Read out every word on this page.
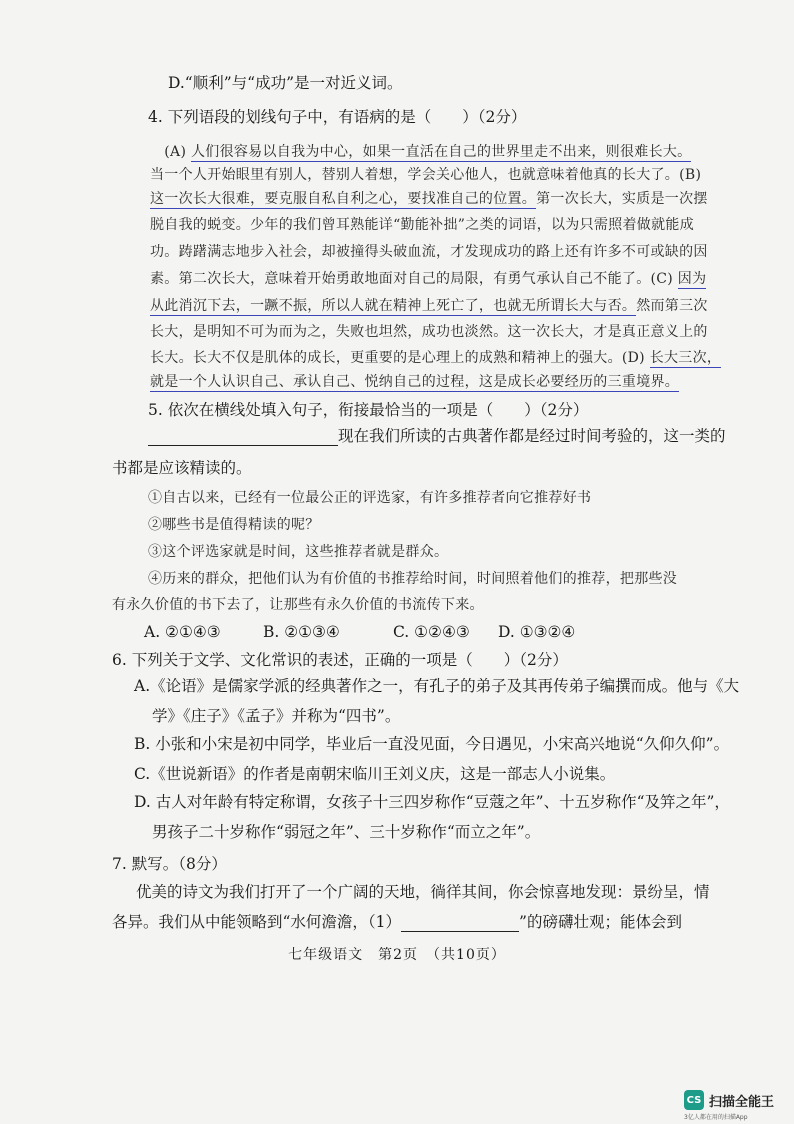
D.“顺利”与“成功”是一对近义词。
4. 下列语段的划线句子中，有语病的是（　　）（2分）
　(A) 人们很容易以自我为中心，如果一直活在自己的世界里走不出来，则很难长大。
当一个人开始眼里有别人，替别人着想，学会关心他人，也就意味着他真的长大了。(B)
这一次长大很难，要克服自私自利之心，要找准自己的位置。第一次长大，实质是一次摆
脱自我的蜕变。少年的我们曾耳熟能详“勤能补拙”之类的词语，以为只需照着做就能成
功。踌躇满志地步入社会，却被撞得头破血流，才发现成功的路上还有许多不可或缺的因
素。第二次长大，意味着开始勇敢地面对自己的局限，有勇气承认自己不能了。(C) 因为
从此消沉下去，一蹶不振，所以人就在精神上死亡了，也就无所谓长大与否。然而第三次
长大，是明知不可为而为之，失败也坦然，成功也淡然。这一次长大，才是真正意义上的
长大。长大不仅是肌体的成长，更重要的是心理上的成熟和精神上的强大。(D) 长大三次，
就是一个人认识自己、承认自己、悦纳自己的过程，这是成长必要经历的三重境界。
5. 依次在横线处填入句子，衔接最恰当的一项是（　　）（2分）
现在我们所读的古典著作都是经过时间考验的，这一类的
书都是应该精读的。
①自古以来，已经有一位最公正的评选家，有许多推荐者向它推荐好书
②哪些书是值得精读的呢？
③这个评选家就是时间，这些推荐者就是群众。
④历来的群众，把他们认为有价值的书推荐给时间，时间照着他们的推荐，把那些没
有永久价值的书下去了，让那些有永久价值的书流传下来。
A. ②①④③	B. ②①③④	C. ①②④③ D. ①③②④
6. 下列关于文学、文化常识的表述，正确的一项是（　　）（2分）
A.《论语》是儒家学派的经典著作之一，有孔子的弟子及其再传弟子编撰而成。他与《大
学》《庄子》《孟子》并称为“四书”。
B. 小张和小宋是初中同学，毕业后一直没见面，今日遇见，小宋高兴地说“久仰久仰”。
C.《世说新语》的作者是南朝宋临川王刘义庆，这是一部志人小说集。
D. 古人对年龄有特定称谓，女孩子十三四岁称作“豆蔻之年”、十五岁称作“及笄之年”，
男孩子二十岁称作“弱冠之年”、三十岁称作“而立之年”。
7. 默写。（8分）
优美的诗文为我们打开了一个广阔的天地，徜徉其间，你会惊喜地发现：景纷呈，情
各异。我们从中能领略到“水何澹澹，（1）	”的磅礴壮观；能体会到
七年级语文　第2页　（共10页）
CS 扫描全能王
3亿人都在用的扫描App
